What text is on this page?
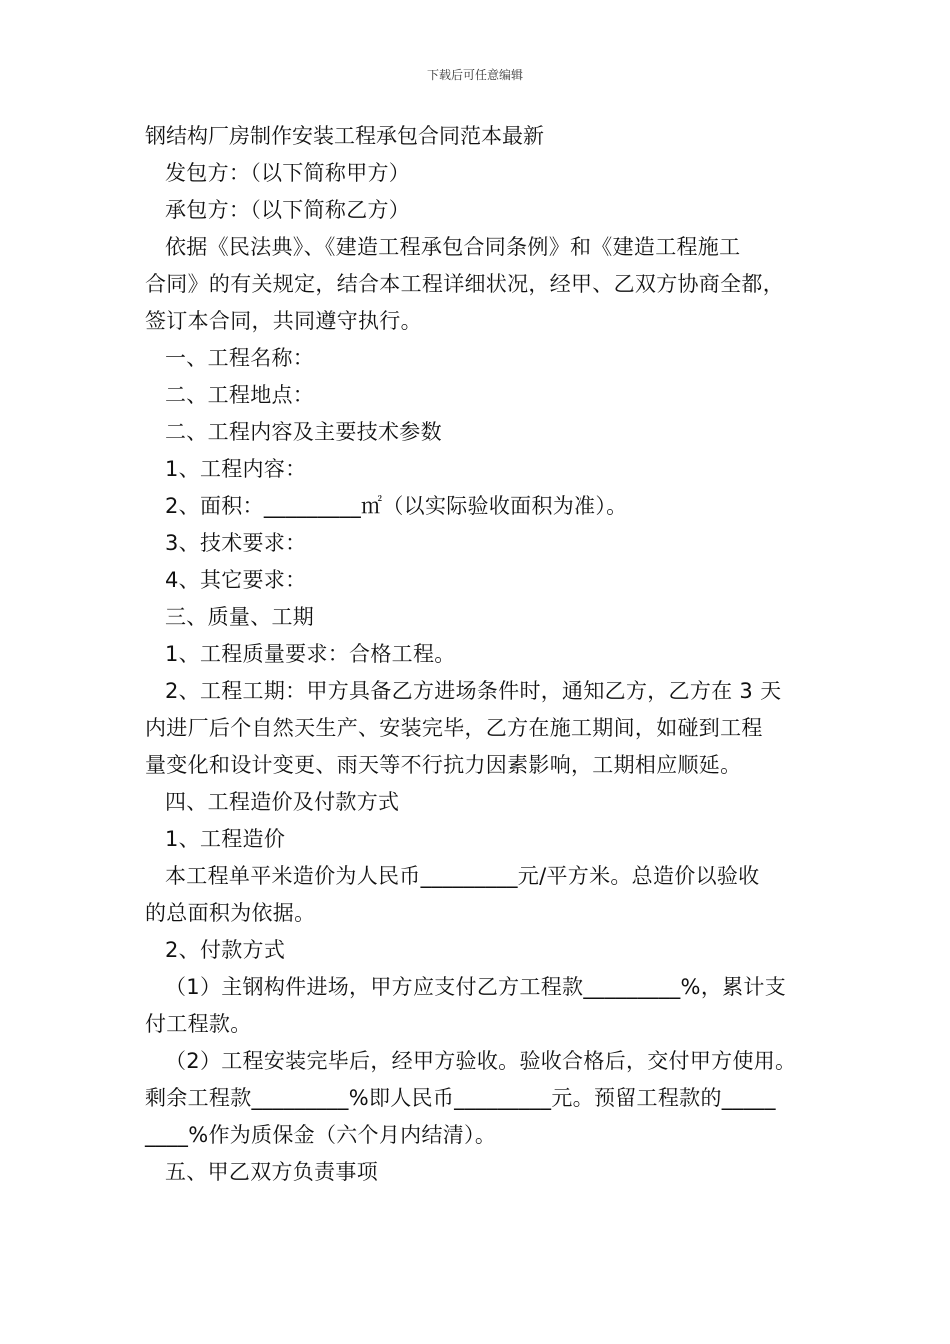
下载后可任意编辑
钢结构厂房制作安装工程承包合同范本最新
发包方：（以下简称甲方）
承包方：（以下简称乙方）
依据《民法典》、《建造工程承包合同条例》和《建造工程施工
合同》的有关规定，结合本工程详细状况，经甲、乙双方协商全都，
签订本合同，共同遵守执行。
一、工程名称：
二、工程地点：
二、工程内容及主要技术参数
1、工程内容：
2、面积：_________㎡（以实际验收面积为准）。
3、技术要求：
4、其它要求：
三、质量、工期
1、工程质量要求：合格工程。
2、工程工期：甲方具备乙方进场条件时，通知乙方，乙方在 3 天
内进厂后个自然天生产、安装完毕，乙方在施工期间，如碰到工程
量变化和设计变更、雨天等不行抗力因素影响，工期相应顺延。
四、工程造价及付款方式
1、工程造价
本工程单平米造价为人民币_________元/平方米。总造价以验收
的总面积为依据。
2、付款方式
（1）主钢构件进场，甲方应支付乙方工程款_________%，累计支
付工程款。
（2）工程安装完毕后，经甲方验收。验收合格后，交付甲方使用。
剩余工程款_________%即人民币_________元。预留工程款的_____
____%作为质保金（六个月内结清）。
五、甲乙双方负责事项
